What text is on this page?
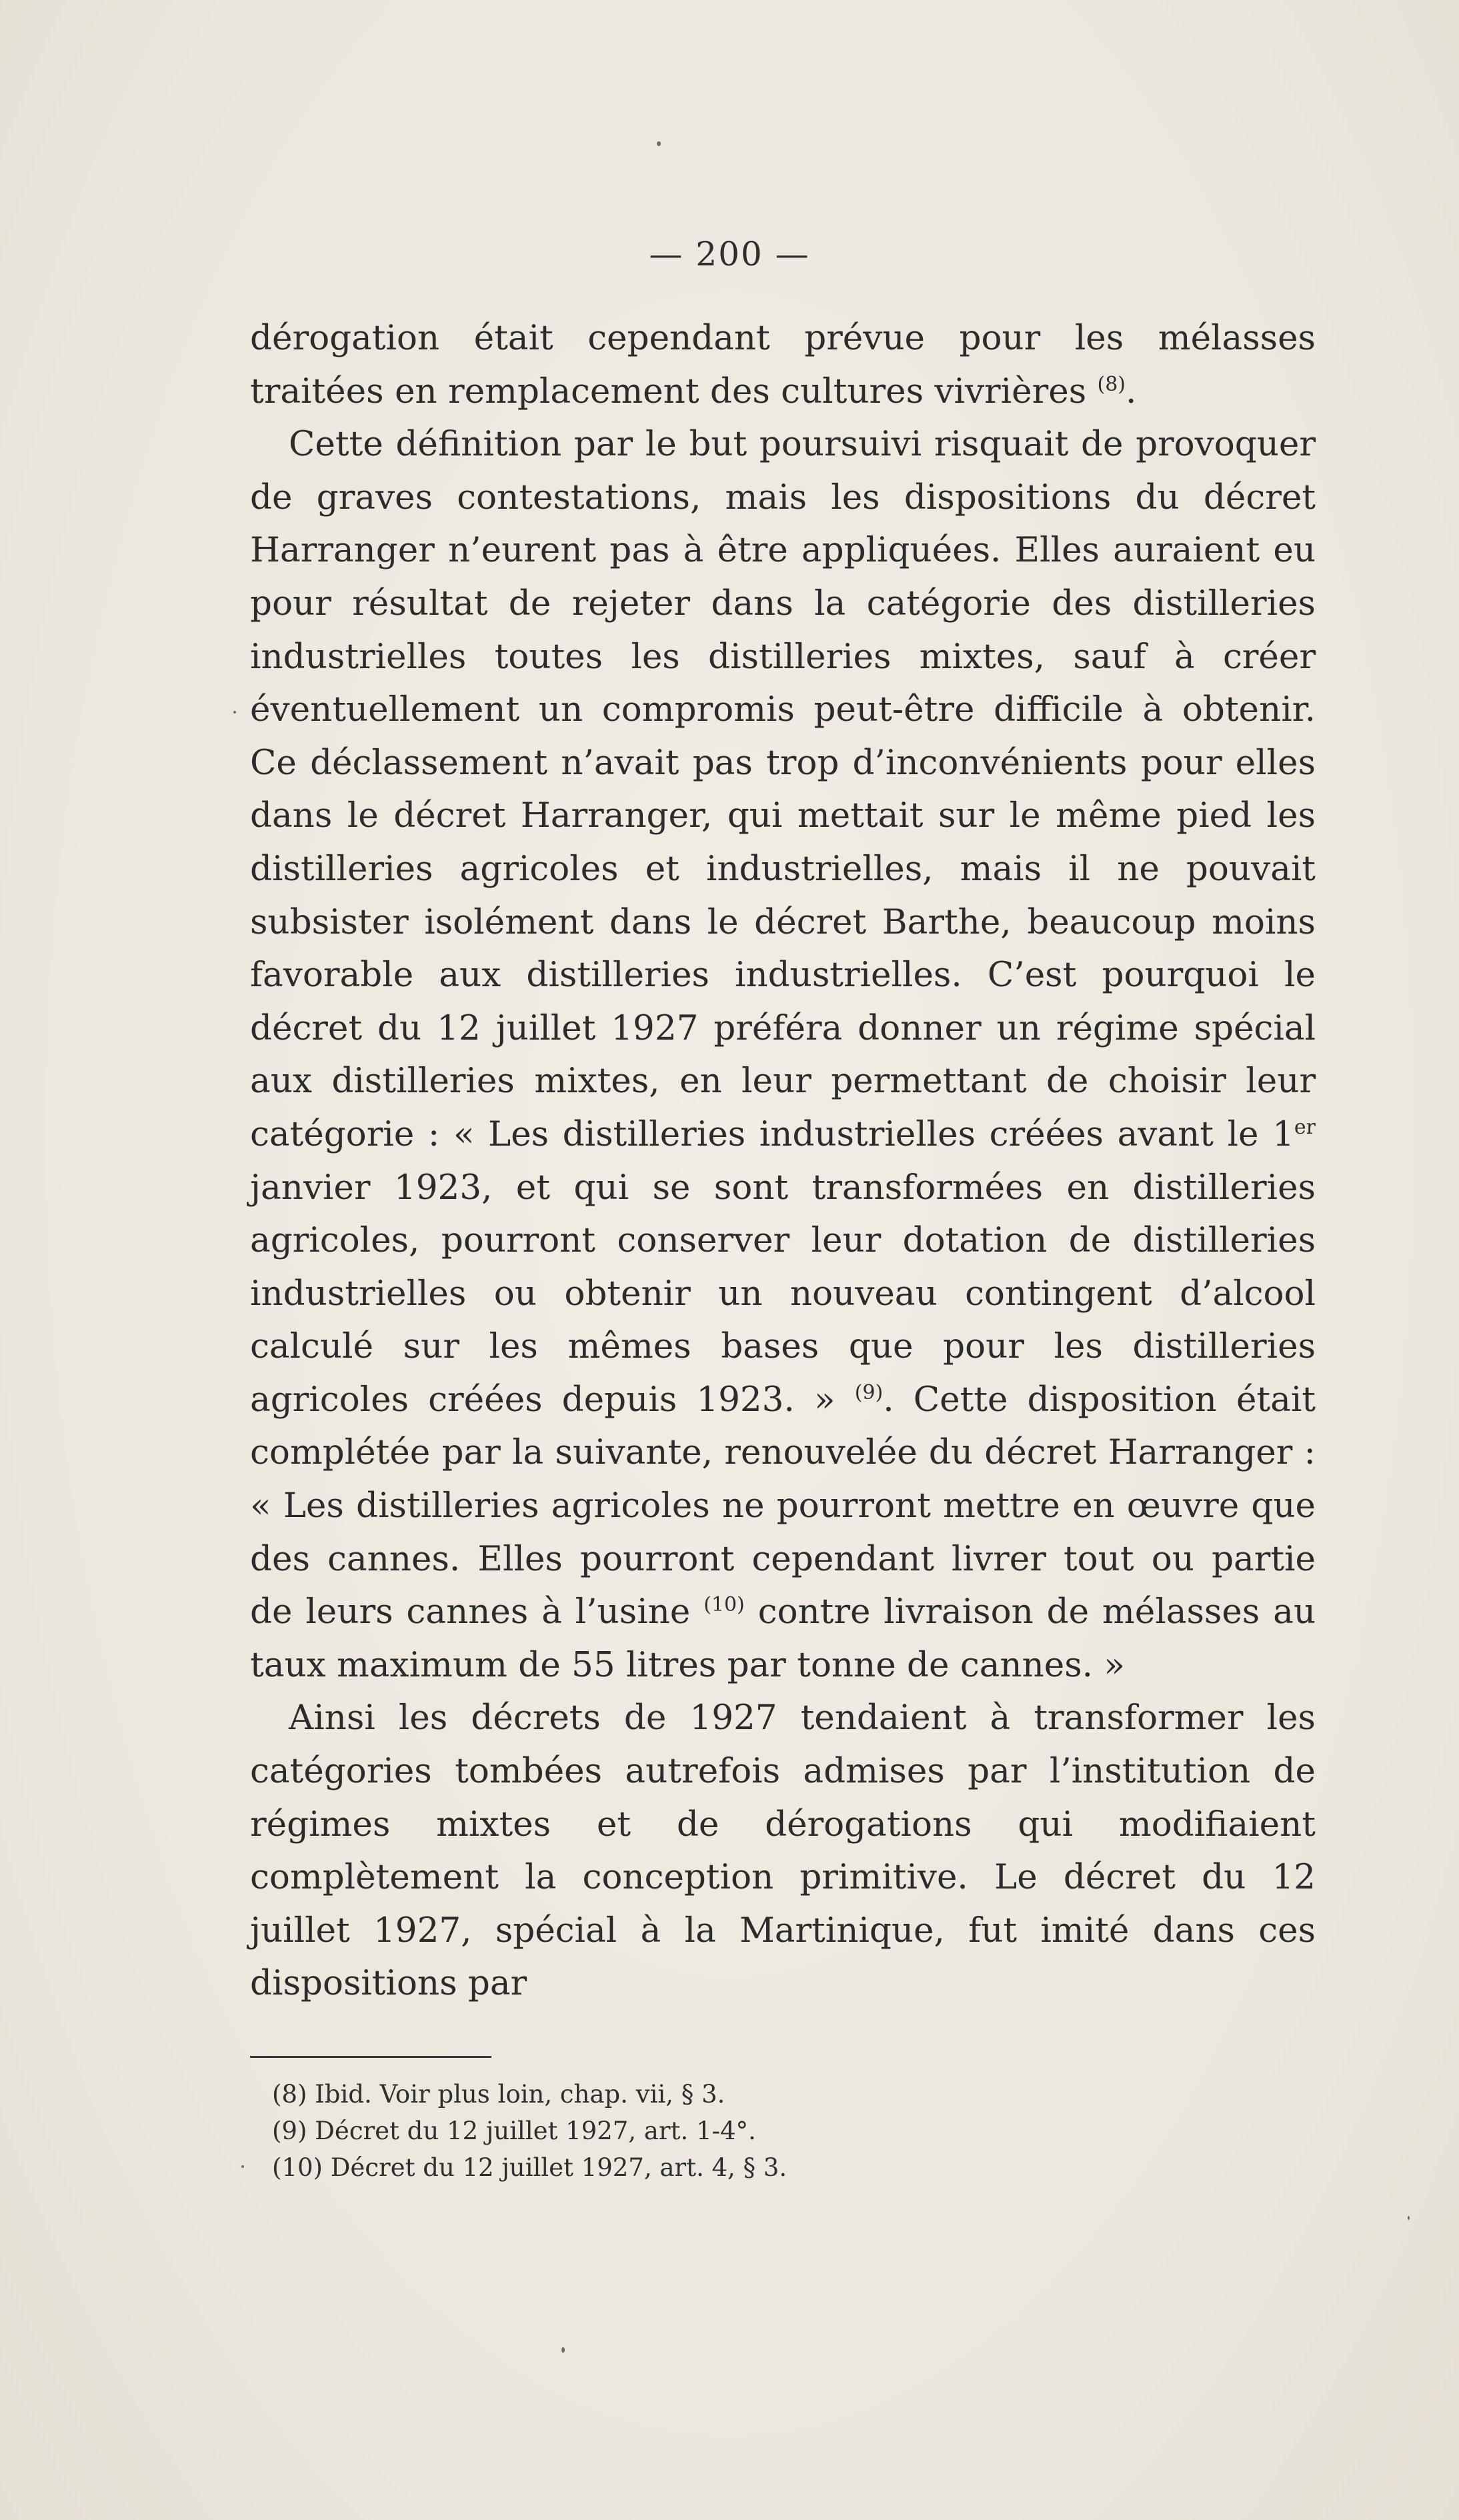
— 200 —

dérogation était cependant prévue pour les mélasses traitées en remplacement des cultures vivrières $^{(8)}$.

Cette définition par le but poursuivi risquait de provoquer de graves contestations, mais les dispositions du décret Harranger n’eurent pas à être appliquées. Elles auraient eu pour résultat de rejeter dans la catégorie des distilleries industrielles toutes les distilleries mixtes, sauf à créer éventuellement un compromis peut-être difficile à obtenir. Ce déclassement n’avait pas trop d’inconvénients pour elles dans le décret Harranger, qui mettait sur le même pied les distilleries agricoles et industrielles, mais il ne pouvait subsister isolément dans le décret Barthe, beaucoup moins favorable aux distilleries industrielles. C’est pourquoi le décret du 12 juillet 1927 préféra donner un régime spécial aux distilleries mixtes, en leur permettant de choisir leur catégorie : « Les distilleries industrielles créées avant le 1er janvier 1923, et qui se sont transformées en distilleries agricoles, pourront conserver leur dotation de distilleries industrielles ou obtenir un nouveau contingent d’alcool calculé sur les mêmes bases que pour les distilleries agricoles créées depuis 1923. » $^{(9)}$. Cette disposition était complétée par la suivante, renouvelée du décret Harranger : « Les distilleries agricoles ne pourront mettre en œuvre que des cannes. Elles pourront cependant livrer tout ou partie de leurs cannes à l’usine $^{(10)}$ contre livraison de mélasses au taux maximum de 55 litres par tonne de cannes. »

Ainsi les décrets de 1927 tendaient à transformer les catégories tombées autrefois admises par l’institution de régimes mixtes et de dérogations qui modifiaient complètement la conception primitive. Le décret du 12 juillet 1927, spécial à la Martinique, fut imité dans ces dispositions par

(8) Ibid. Voir plus loin, chap. vii, § 3.

(9) Décret du 12 juillet 1927, art. 1-4°.

(10) Décret du 12 juillet 1927, art. 4, § 3.
